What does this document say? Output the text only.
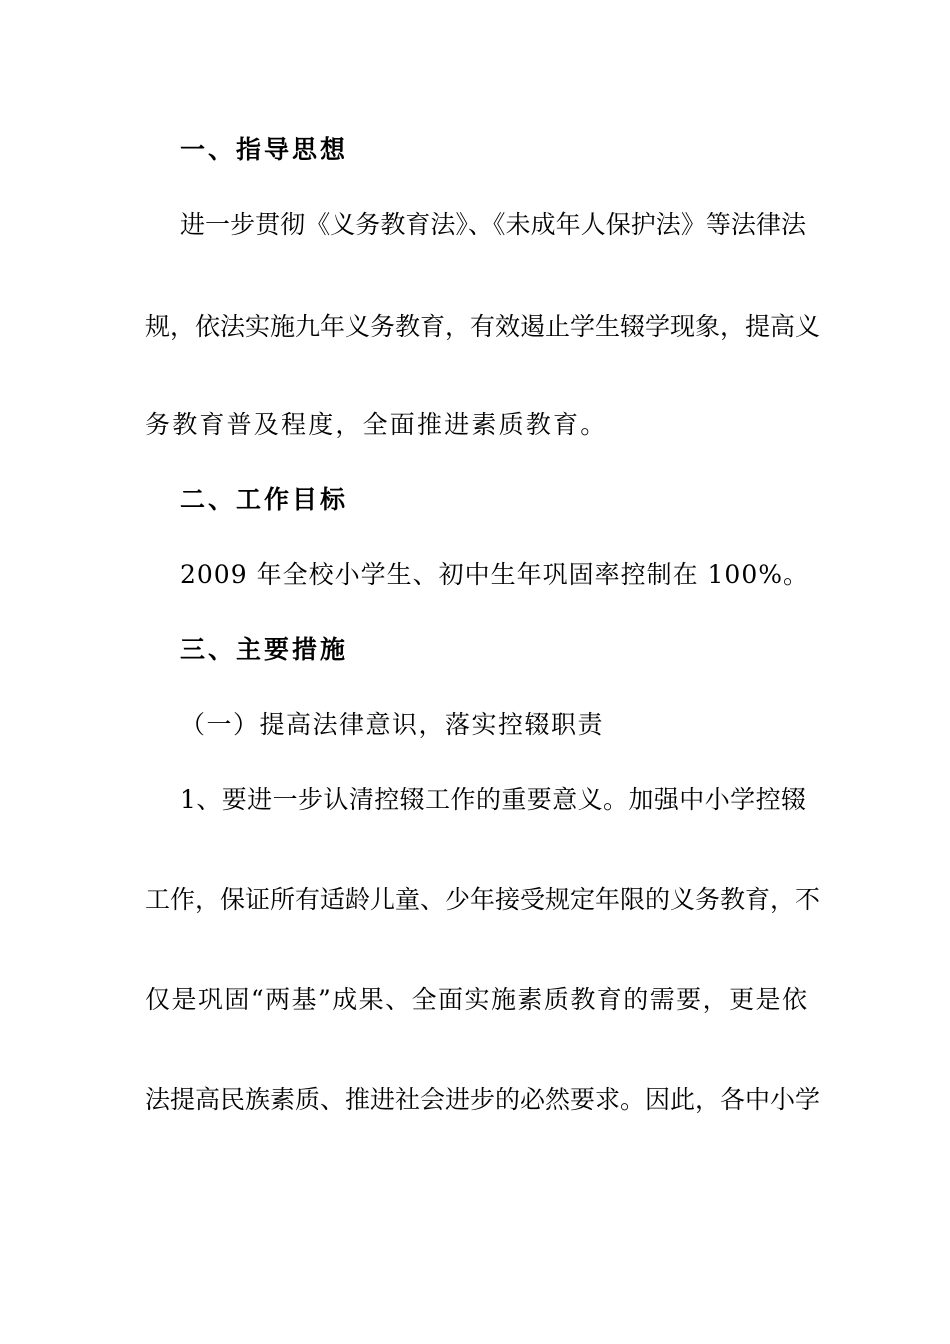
一、指导思想
进一步贯彻《义务教育法》、《未成年人保护法》等法律法
规，依法实施九年义务教育，有效遏止学生辍学现象，提高义
务教育普及程度，全面推进素质教育。
二、工作目标
2009 年全校小学生、初中生年巩固率控制在 100%。
三、主要措施
（一）提高法律意识，落实控辍职责
1、要进一步认清控辍工作的重要意义。加强中小学控辍
工作，保证所有适龄儿童、少年接受规定年限的义务教育，不
仅是巩固“两基”成果、全面实施素质教育的需要，更是依
法提高民族素质、推进社会进步的必然要求。因此，各中小学
